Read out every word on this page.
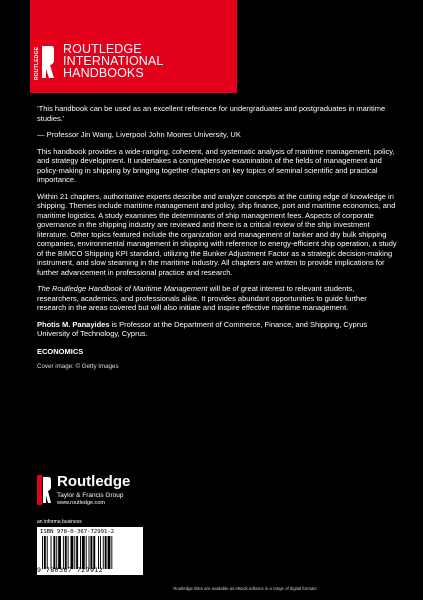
ROUTLEDGE ROUTLEDGE
INTERNATIONAL
HANDBOOKS

‘This handbook can be used as an excellent reference for undergraduates and postgraduates in maritime studies.’

— Professor Jin Wang, Liverpool John Moores University, UK

This handbook provides a wide-ranging, coherent, and systematic analysis of maritime management, policy, and strategy development. It undertakes a comprehensive examination of the fields of management and policy-making in shipping by bringing together chapters on key topics of seminal scientific and practical importance.

Within 21 chapters, authoritative experts describe and analyze concepts at the cutting edge of knowledge in shipping. Themes include maritime management and policy, ship finance, port and maritime economics, and maritime logistics. A study examines the determinants of ship management fees. Aspects of corporate governance in the shipping industry are reviewed and there is a critical review of the ship investment literature. Other topics featured include the organization and management of tanker and dry bulk shipping companies, environmental management in shipping with reference to energy-efficient ship operation, a study of the BIMCO Shipping KPI standard, utilizing the Bunker Adjustment Factor as a strategic decision-making instrument, and slow steaming in the maritime industry. All chapters are written to provide implications for further advancement in professional practice and research.

The Routledge Handbook of Maritime Management will be of great interest to relevant students, researchers, academics, and professionals alike. It provides abundant opportunities to guide further research in the areas covered but will also initiate and inspire effective maritime management.

Photis M. Panayides is Professor at the Department of Commerce, Finance, and Shipping, Cyprus University of Technology, Cyprus.

ECONOMICS
Cover image: © Getty Images
Routledge
Taylor & Francis Group
www.routledge.com
an informa business
ISBN 978-0-367-72991-2
9 780367 729912
Routledge titles are available as eBook editions in a range of digital formats
